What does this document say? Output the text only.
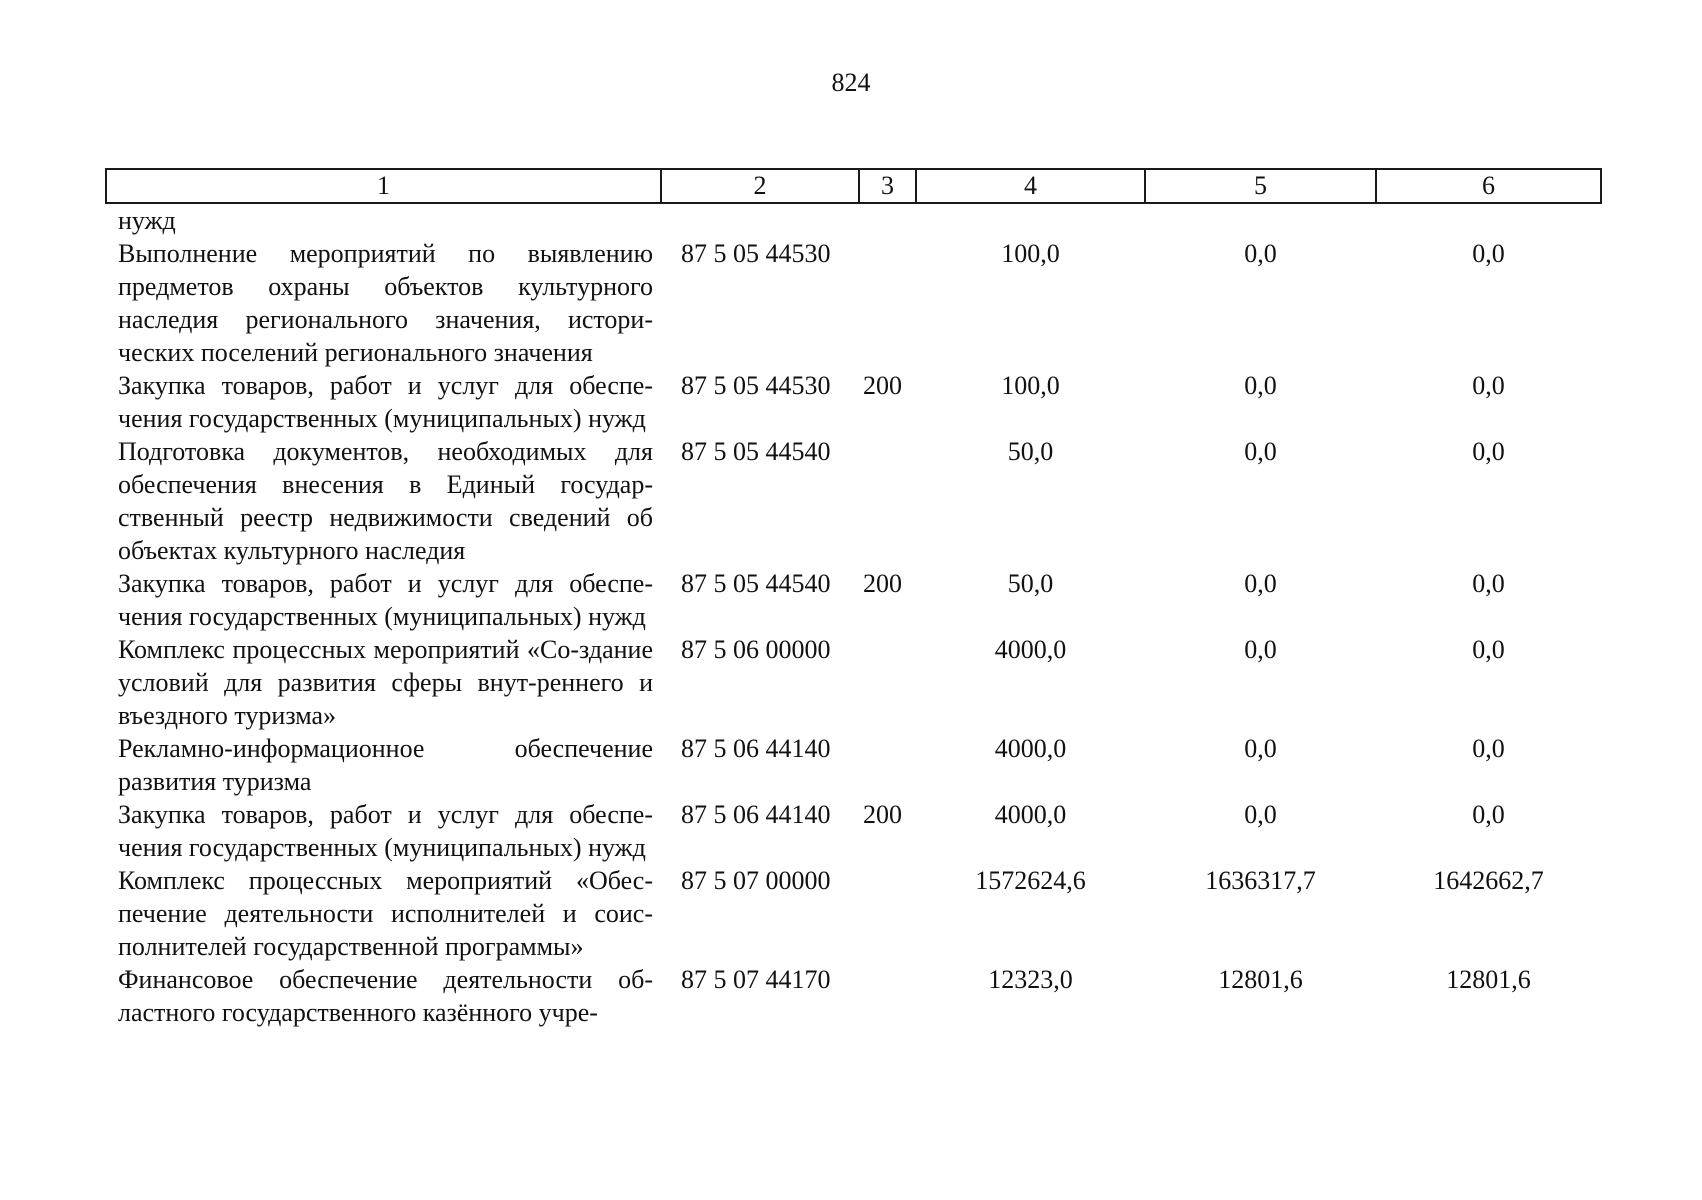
824
1	2	3	4	5	6
нужд					
Выполнение мероприятий по выявлению предметов охраны объектов культурного наследия регионального значения, истори-ческих поселений регионального значения	87 5 05 44530		100,0	0,0	0,0
Закупка товаров, работ и услуг для обеспе-чения государственных (муниципальных) нужд	87 5 05 44530	200	100,0	0,0	0,0
Подготовка документов, необходимых для обеспечения внесения в Единый государ-ственный реестр недвижимости сведений об объектах культурного наследия	87 5 05 44540		50,0	0,0	0,0
Закупка товаров, работ и услуг для обеспе-чения государственных (муниципальных) нужд	87 5 05 44540	200	50,0	0,0	0,0
Комплекс процессных мероприятий «Со-здание условий для развития сферы внут-реннего и въездного туризма»	87 5 06 00000		4000,0	0,0	0,0
Рекламно-информационное обеспечение развития туризма	87 5 06 44140		4000,0	0,0	0,0
Закупка товаров, работ и услуг для обеспе-чения государственных (муниципальных) нужд	87 5 06 44140	200	4000,0	0,0	0,0
Комплекс процессных мероприятий «Обес-печение деятельности исполнителей и соис-полнителей государственной программы»	87 5 07 00000		1572624,6	1636317,7	1642662,7
Финансовое обеспечение деятельности об-ластного государственного казённого учре-	87 5 07 44170		12323,0	12801,6	12801,6
